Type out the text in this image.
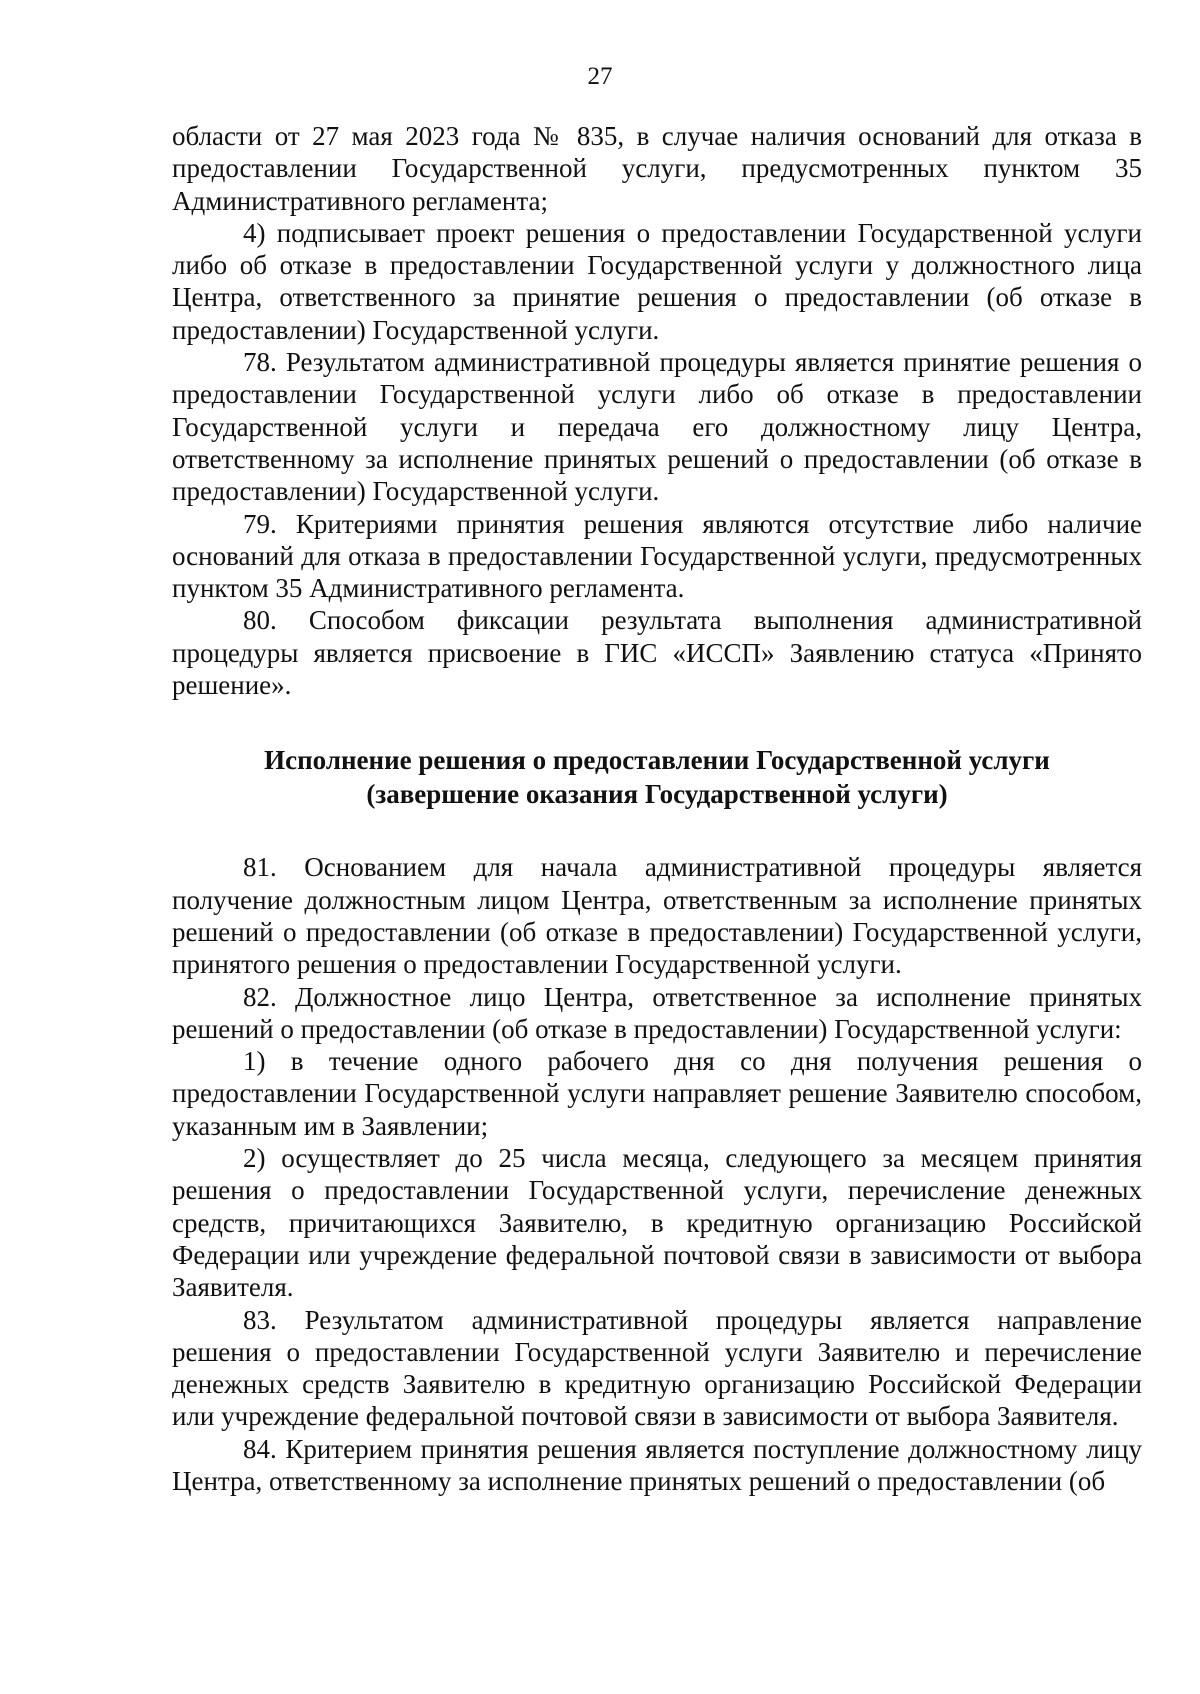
27

области от 27 мая 2023 года № 835, в случае наличия оснований для отказа в предоставлении Государственной услуги, предусмотренных пунктом 35 Административного регламента;

4) подписывает проект решения о предоставлении Государственной услуги либо об отказе в предоставлении Государственной услуги у должностного лица Центра, ответственного за принятие решения о предоставлении (об отказе в предоставлении) Государственной услуги.

78. Результатом административной процедуры является принятие решения о предоставлении Государственной услуги либо об отказе в предоставлении Государственной услуги и передача его должностному лицу Центра, ответственному за исполнение принятых решений о предоставлении (об отказе в предоставлении) Государственной услуги.

79. Критериями принятия решения являются отсутствие либо наличие оснований для отказа в предоставлении Государственной услуги, предусмотренных пунктом 35 Административного регламента.

80. Способом фиксации результата выполнения административной процедуры является присвоение в ГИС «ИССП» Заявлению статуса «Принято решение».

Исполнение решения о предоставлении Государственной услуги
(завершение оказания Государственной услуги)

81. Основанием для начала административной процедуры является получение должностным лицом Центра, ответственным за исполнение принятых решений о предоставлении (об отказе в предоставлении) Государственной услуги, принятого решения о предоставлении Государственной услуги.

82. Должностное лицо Центра, ответственное за исполнение принятых решений о предоставлении (об отказе в предоставлении) Государственной услуги:

1) в течение одного рабочего дня со дня получения решения о предоставлении Государственной услуги направляет решение Заявителю способом, указанным им в Заявлении;

2) осуществляет до 25 числа месяца, следующего за месяцем принятия решения о предоставлении Государственной услуги, перечисление денежных средств, причитающихся Заявителю, в кредитную организацию Российской Федерации или учреждение федеральной почтовой связи в зависимости от выбора Заявителя.

83. Результатом административной процедуры является направление решения о предоставлении Государственной услуги Заявителю и перечисление денежных средств Заявителю в кредитную организацию Российской Федерации или учреждение федеральной почтовой связи в зависимости от выбора Заявителя.

84. Критерием принятия решения является поступление должностному лицу Центра, ответственному за исполнение принятых решений о предоставлении (об
